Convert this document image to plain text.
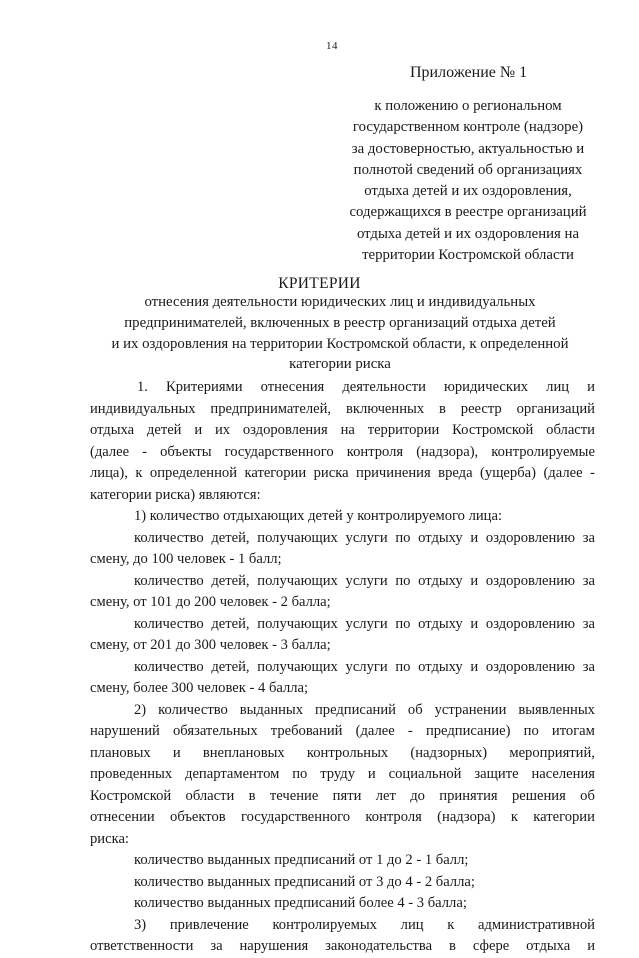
14
Приложение № 1
к положению о региональном
государственном контроле (надзоре)
за достоверностью, актуальностью и
полнотой сведений об организациях
отдыха детей и их оздоровления,
содержащихся в реестре организаций
отдыха детей и их оздоровления на
территории Костромской области
КРИТЕРИИ
отнесения деятельности юридических лиц и индивидуальных
предпринимателей, включенных в реестр организаций отдыха детей
и их оздоровления на территории Костромской области, к определенной
категории риска
1. Критериями отнесения деятельности юридических лиц и
индивидуальных предпринимателей, включенных в реестр организаций
отдыха детей и их оздоровления на территории Костромской области
(далее - объекты государственного контроля (надзора), контролируемые
лица), к определенной категории риска причинения вреда (ущерба) (далее -
категории риска) являются:
1) количество отдыхающих детей у контролируемого лица:
количество детей, получающих услуги по отдыху и оздоровлению за
смену, до 100 человек - 1 балл;
количество детей, получающих услуги по отдыху и оздоровлению за
смену, от 101 до 200 человек - 2 балла;
количество детей, получающих услуги по отдыху и оздоровлению за
смену, от 201 до 300 человек - 3 балла;
количество детей, получающих услуги по отдыху и оздоровлению за
смену, более 300 человек - 4 балла;
2) количество выданных предписаний об устранении выявленных
нарушений обязательных требований (далее - предписание) по итогам
плановых и внеплановых контрольных (надзорных) мероприятий,
проведенных департаментом по труду и социальной защите населения
Костромской области в течение пяти лет до принятия решения об
отнесении объектов государственного контроля (надзора) к категории
риска:
количество выданных предписаний от 1 до 2 - 1 балл;
количество выданных предписаний от 3 до 4 - 2 балла;
количество выданных предписаний более 4 - 3 балла;
3) привлечение контролируемых лиц к административной
ответственности за нарушения законодательства в сфере отдыха и
